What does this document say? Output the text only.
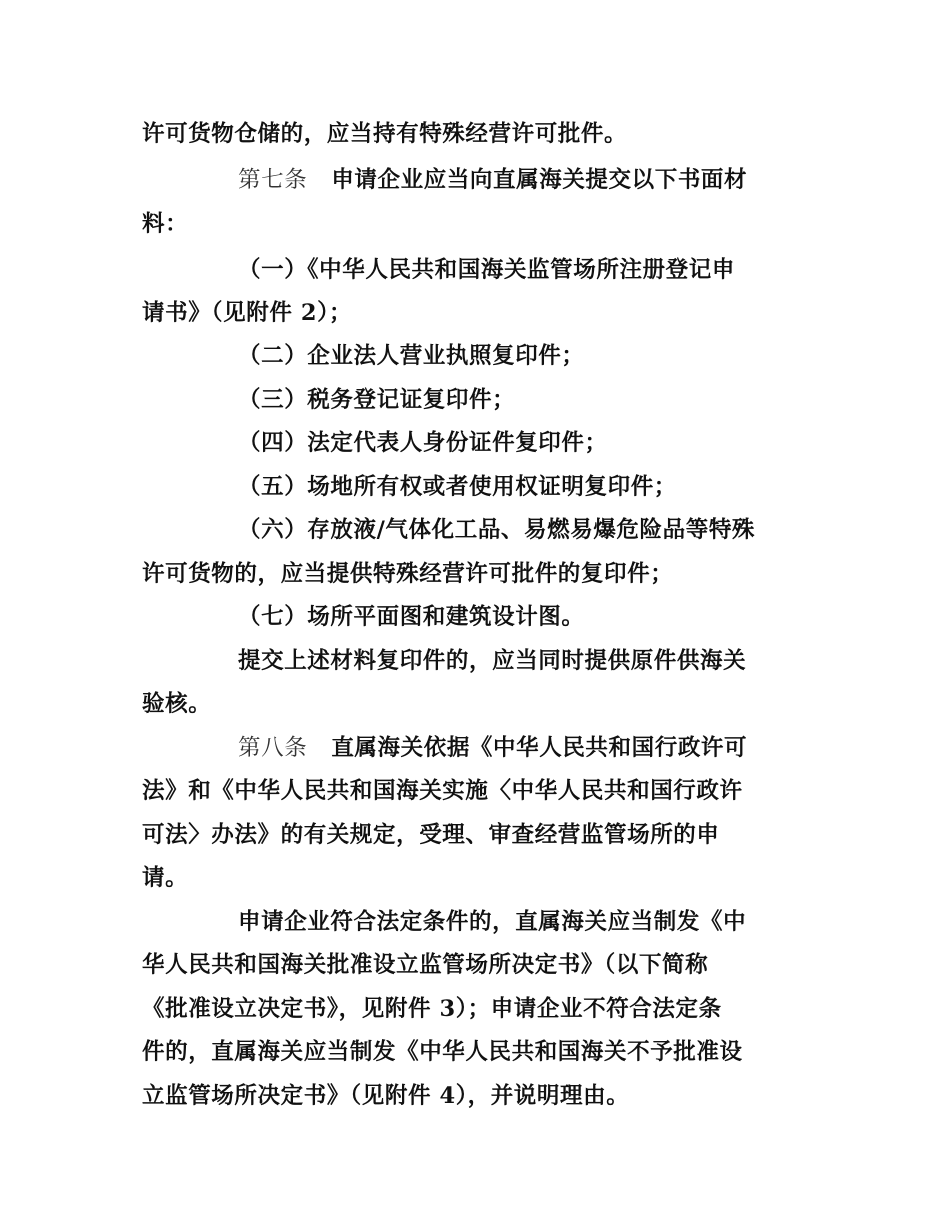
许可货物仓储的，应当持有特殊经营许可批件。
第七条 申请企业应当向直属海关提交以下书面材
料：
（一）《中华人民共和国海关监管场所注册登记申
请书》（见附件 2）；
（二）企业法人营业执照复印件；
（三）税务登记证复印件；
（四）法定代表人身份证件复印件；
（五）场地所有权或者使用权证明复印件；
（六）存放液/气体化工品、易燃易爆危险品等特殊
许可货物的，应当提供特殊经营许可批件的复印件；
（七）场所平面图和建筑设计图。
提交上述材料复印件的，应当同时提供原件供海关
验核。
第八条 直属海关依据《中华人民共和国行政许可
法》和《中华人民共和国海关实施〈中华人民共和国行政许
可法〉办法》的有关规定，受理、审查经营监管场所的申
请。
申请企业符合法定条件的，直属海关应当制发《中
华人民共和国海关批准设立监管场所决定书》（以下简称
《批准设立决定书》，见附件 3）；申请企业不符合法定条
件的，直属海关应当制发《中华人民共和国海关不予批准设
立监管场所决定书》（见附件 4），并说明理由。
